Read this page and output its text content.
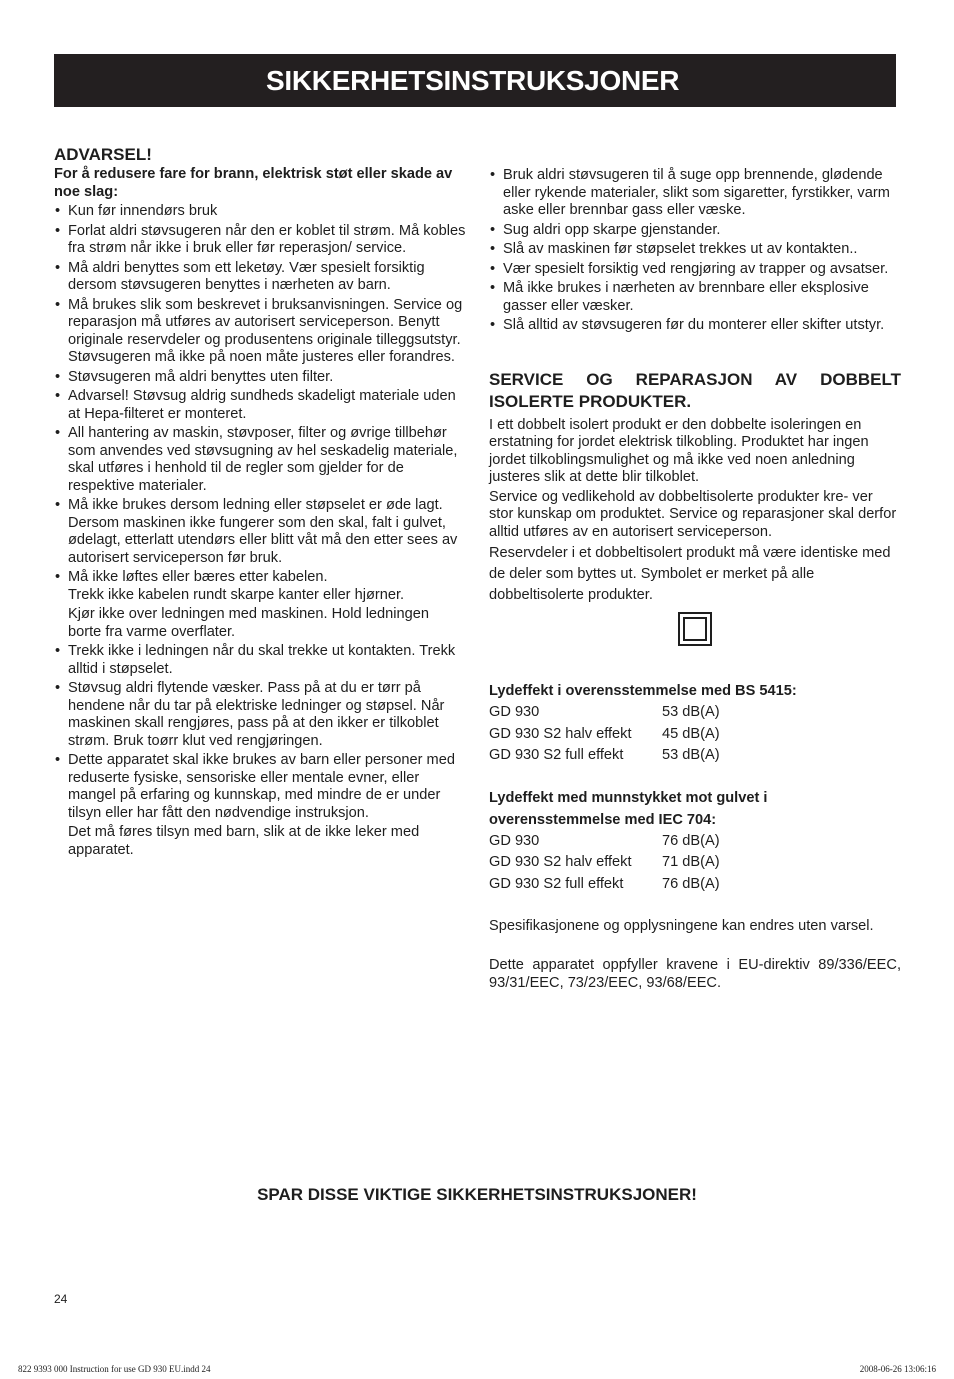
SIKKERHETSINSTRUKSJONER
ADVARSEL!

For å redusere fare for brann, elektrisk støt eller skade av noe slag:

• Kun før innendørs bruk
• Forlat aldri støvsugeren når den er koblet til strøm. Må kobles fra strøm når ikke i bruk eller før reperasjon/ service.
• Må aldri benyttes som ett leketøy. Vær spesielt forsiktig dersom støvsugeren benyttes i nærheten av barn.
• Må brukes slik som beskrevet i bruksanvisningen. Service og reparasjon må utføres av autorisert serviceperson. Benytt originale reservdeler og produsentens originale tilleggsutstyr. Støvsugeren må ikke på noen måte justeres eller forandres.
• Støvsugeren må aldri benyttes uten filter.
• Advarsel! Støvsug aldrig sundheds skadeligt materiale uden at Hepa-filteret er monteret.
• All hantering av maskin, støvposer, filter og øvrige tillbehør som anvendes ved støvsugning av hel seskadelig materiale, skal utføres i henhold til de regler som gjelder for de respektive materialer.
• Må ikke brukes dersom ledning eller støpselet er øde lagt. Dersom maskinen ikke fungerer som den skal, falt i gulvet, ødelagt, etterlatt utendørs eller blitt våt må den etter sees av autorisert serviceperson før bruk.

• Må ikke løftes eller bæres etter kabelen.

Trekk ikke kabelen rundt skarpe kanter eller hjørner.

Kjør ikke over ledningen med maskinen. Hold ledningen borte fra varme overflater.

• Trekk ikke i ledningen når du skal trekke ut kontakten. Trekk alltid i støpselet.
• Støvsug aldri flytende væsker. Pass på at du er tørr på hendene når du tar på elektriske ledninger og støpsel. Når maskinen skall rengjøres, pass på at den ikker er tilkoblet strøm. Bruk toørr klut ved rengjøringen.

• Dette apparatet skal ikke brukes av barn eller personer med reduserte fysiske, sensoriske eller mentale evner, eller mangel på erfaring og kunnskap, med mindre de er under tilsyn eller har fått den nødvendige instruksjon.

Det må føres tilsyn med barn, slik at de ikke leker med apparatet.

• Bruk aldri støvsugeren til å suge opp brennende, glødende eller rykende materialer, slikt som sigaretter, fyrstikker, varm aske eller brennbar gass eller væske.
• Sug aldri opp skarpe gjenstander.
• Slå av maskinen før støpselet trekkes ut av kontakten..
• Vær spesielt forsiktig ved rengjøring av trapper og avsatser.
• Må ikke brukes i nærheten av brennbare eller eksplosive gasser eller væsker.
• Slå alltid av støvsugeren før du monterer eller skifter utstyr.
SERVICE OG REPARASJON AV DOBBELT ISOLERTE PRODUKTER.

I ett dobbelt isolert produkt er den dobbelte isoleringen en erstatning for jordet elektrisk tilkobling. Produktet har ingen jordet tilkoblingsmulighet og må ikke ved noen anledning justeres slik at dette blir tilkoblet.

Service og vedlikehold av dobbeltisolerte produkter kre- ver stor kunskap om produktet. Service og reparasjoner skal derfor alltid utføres av en autorisert serviceperson.

Reservdeler i et dobbeltisolert produkt må være identiske med de deler som byttes ut. Symbolet er merket på alle dobbeltisolerte produkter.

Lydeffekt i overensstemmelse med BS 5415:

GD 930	53 dB(A)
GD 930 S2 halv effekt	45 dB(A)
GD 930 S2 full effekt	53 dB(A)

Lydeffekt med munnstykket mot gulvet i

overensstemmelse med IEC 704:

GD 930	76 dB(A)
GD 930 S2 halv effekt	71 dB(A)
GD 930 S2 full effekt	76 dB(A)

Spesifikasjonene og opplysningene kan endres uten varsel.

Dette apparatet oppfyller kravene i EU-direktiv 89/336/EEC, 93/31/EEC, 73/23/EEC, 93/68/EEC.

SPAR DISSE VIKTIGE SIKKERHETSINSTRUKSJONER!
24
822 9393 000 Instruction for use GD 930 EU.indd 24	2008-06-26 13:06:16
